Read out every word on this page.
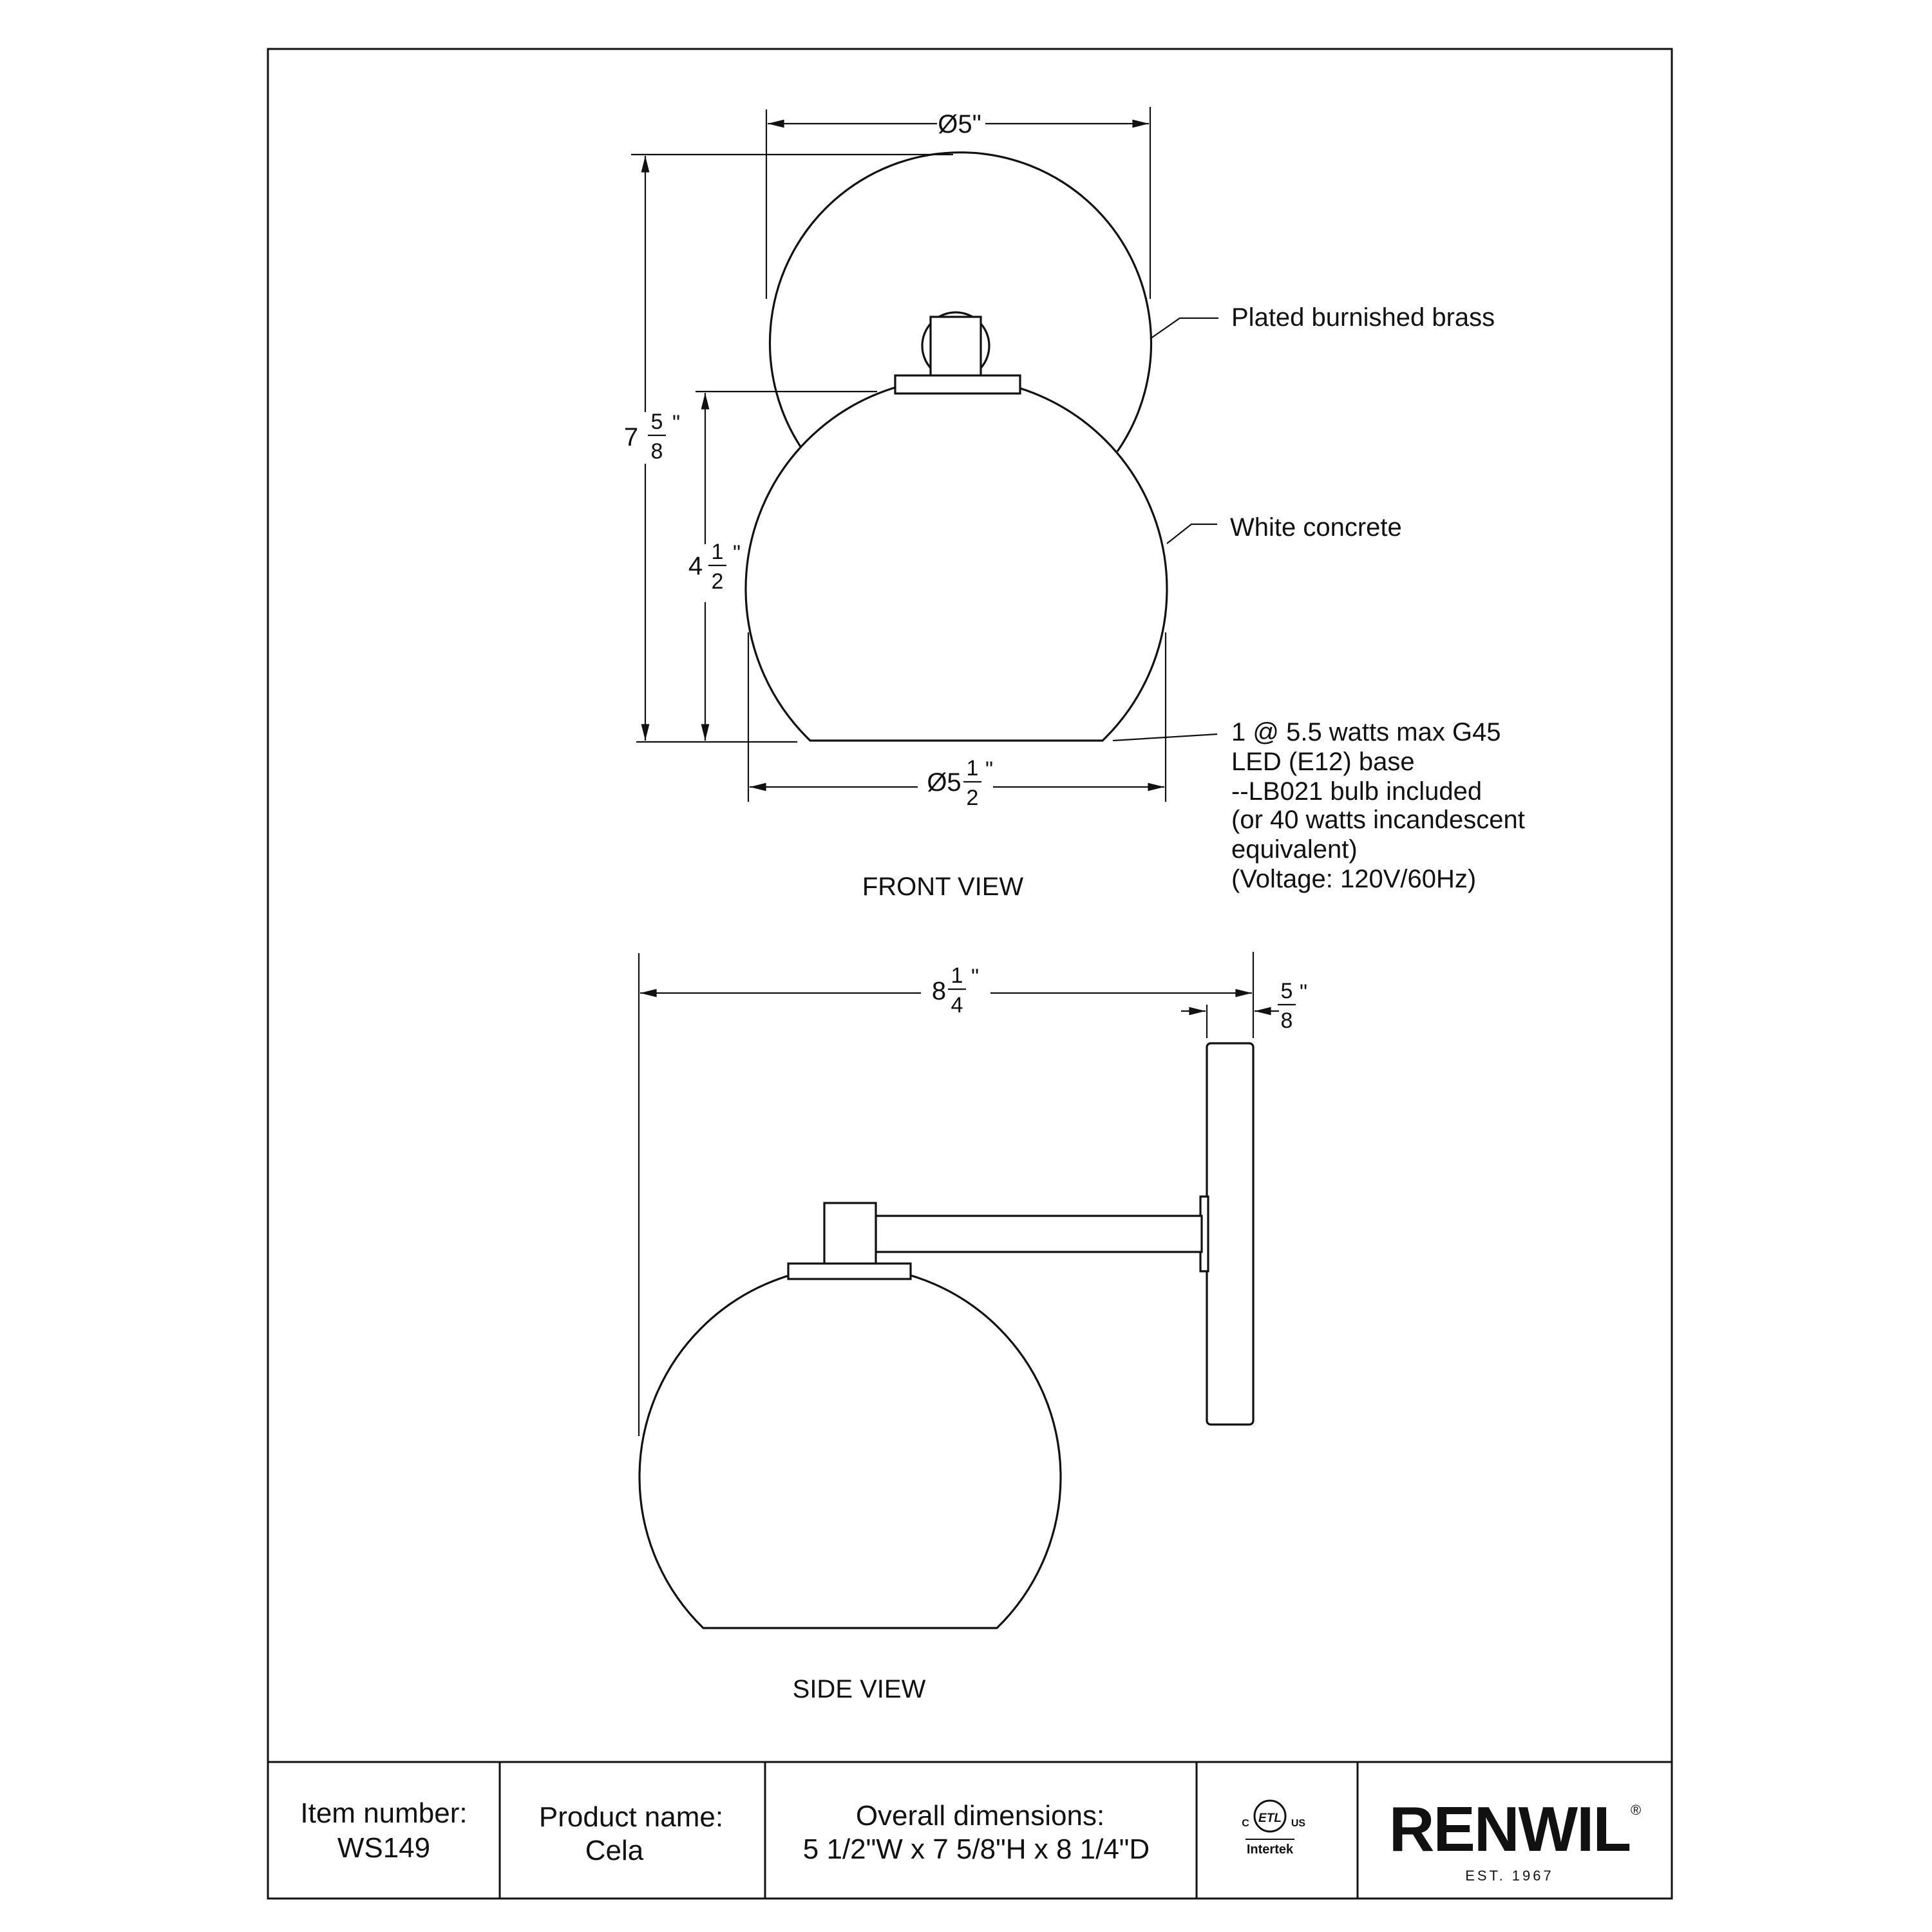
Ø5"
7
5
8
"
4 1
2
"
Ø5 1
2
"
Plated burnished brass
White concrete
1 @ 5.5 watts max G45
LED (E12) base
--LB021 bulb included
(or 40 watts incandescent
equivalent)
(Voltage: 120V/60Hz)
FRONT VIEW
8
1
4
"
5
8
"
SIDE VIEW
Item number:
WS149
Product name:
Cela
Overall dimensions:
5 1/2"W x 7 5/8"H x 8 1/4"D
ETL
C	US
Intertek RENWIL ®
EST. 1967
